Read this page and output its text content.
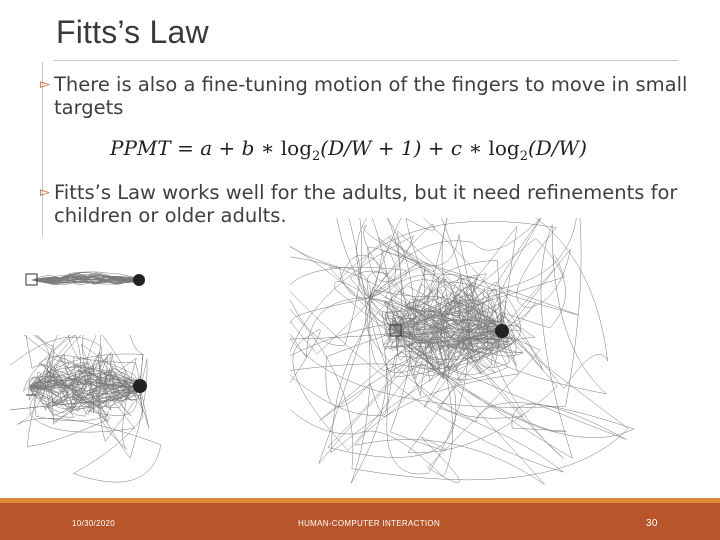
Fitts’s Law
▻ There is also a fine-tuning motion of the fingers to move in small targets
PPMT = a + b ∗ $\log_2(D/W + 1) + c$ ∗ $\log_2(D/W)$
▻ Fitts’s Law works well for the adults, but it need refinements for children or older adults.
10/30/2020	HUMAN-COMPUTER INTERACTION	30
